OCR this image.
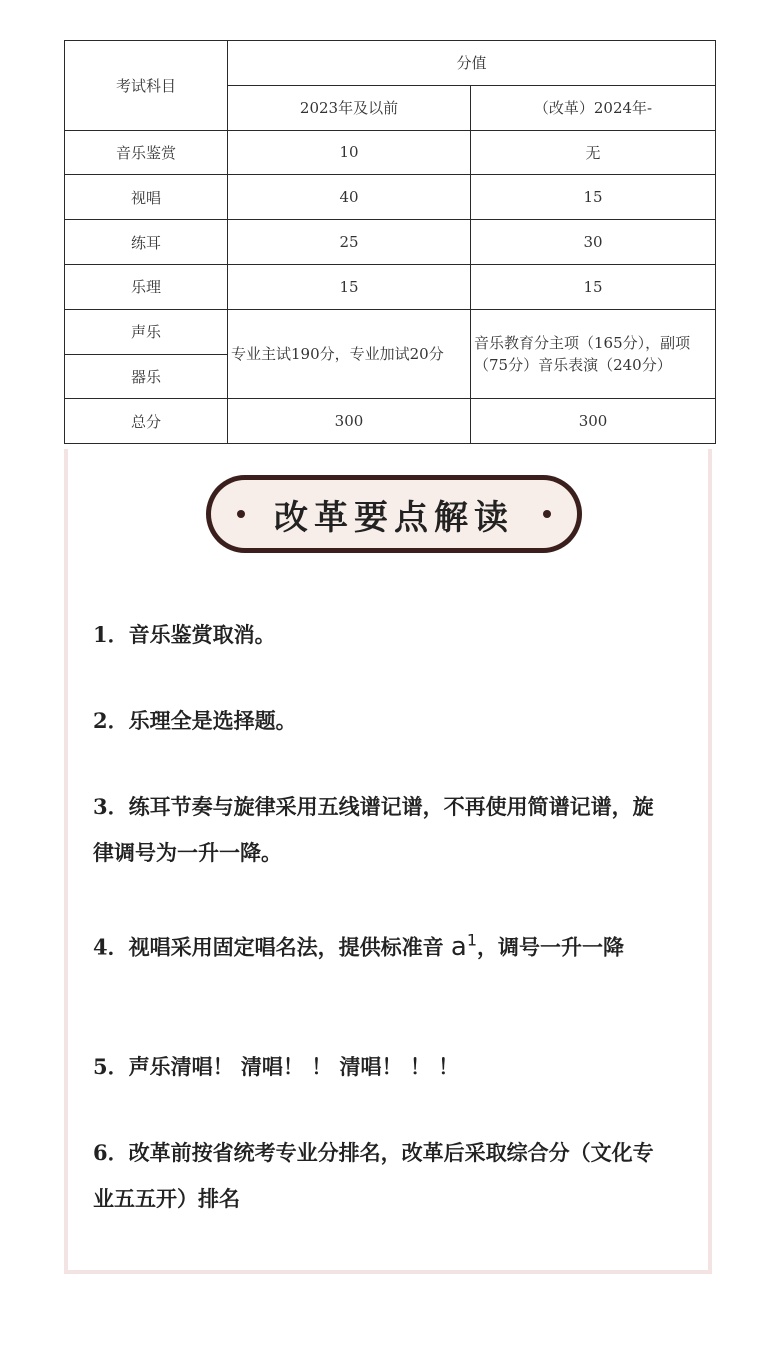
考试科目	分值	
	2023年及以前	（改革）2024年-
音乐鉴赏	10	无
视唱	40	15
练耳	25	30
乐理	15	15
声乐	专业主试190分，专业加试20分	音乐教育分主项（165分），副项（75分）音乐表演（240分）
器乐		
总分	300	300
改革要点解读
1．音乐鉴赏取消。
2．乐理全是选择题。
3．练耳节奏与旋律采用五线谱记谱，不再使用简谱记谱，旋律调号为一升一降。
4．视唱采用固定唱名法，提供标准音 $a^1$，调号一升一降
5．声乐清唱！ 清唱！ ！ 清唱！ ！ ！
6．改革前按省统考专业分排名，改革后采取综合分（文化专业五五开）排名
